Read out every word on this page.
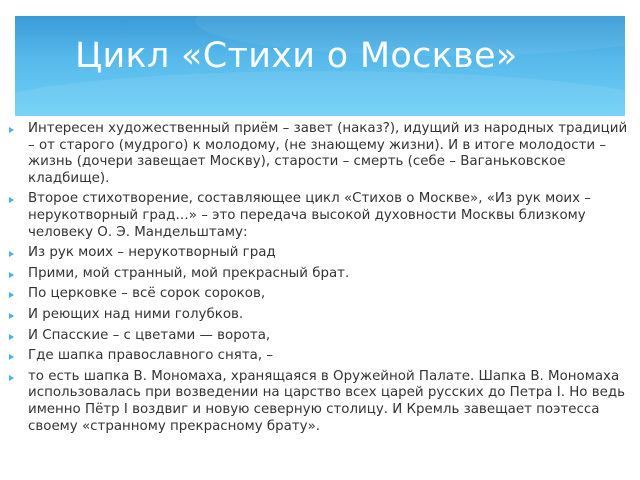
Цикл «Стихи о Москве»
Интересен художественный приём – завет (наказ?), идущий из народных традиций – от старого (мудрого) к молодому, (не знающему жизни). И в итоге молодости – жизнь (дочери завещает Москву), старости – смерть (себе – Ваганьковское кладбище).
Второе стихотворение, составляющее цикл «Стихов о Москве», «Из рук моих – нерукотворный град…» – это передача высокой духовности Москвы близкому человеку О. Э. Мандельштаму:
Из рук моих – нерукотворный град
Прими, мой странный, мой прекрасный брат.
По церковке – всё сорок сороков,
И реющих над ними голубков.
И Спасские – с цветами — ворота,
Где шапка православного снята, –
то есть шапка В. Мономаха, хранящаяся в Оружейной Палате. Шапка В. Мономаха использовалась при возведении на царство всех царей русских до Петра I. Но ведь именно Пётр I воздвиг и новую северную столицу. И Кремль завещает поэтесса своему «странному прекрасному брату».
